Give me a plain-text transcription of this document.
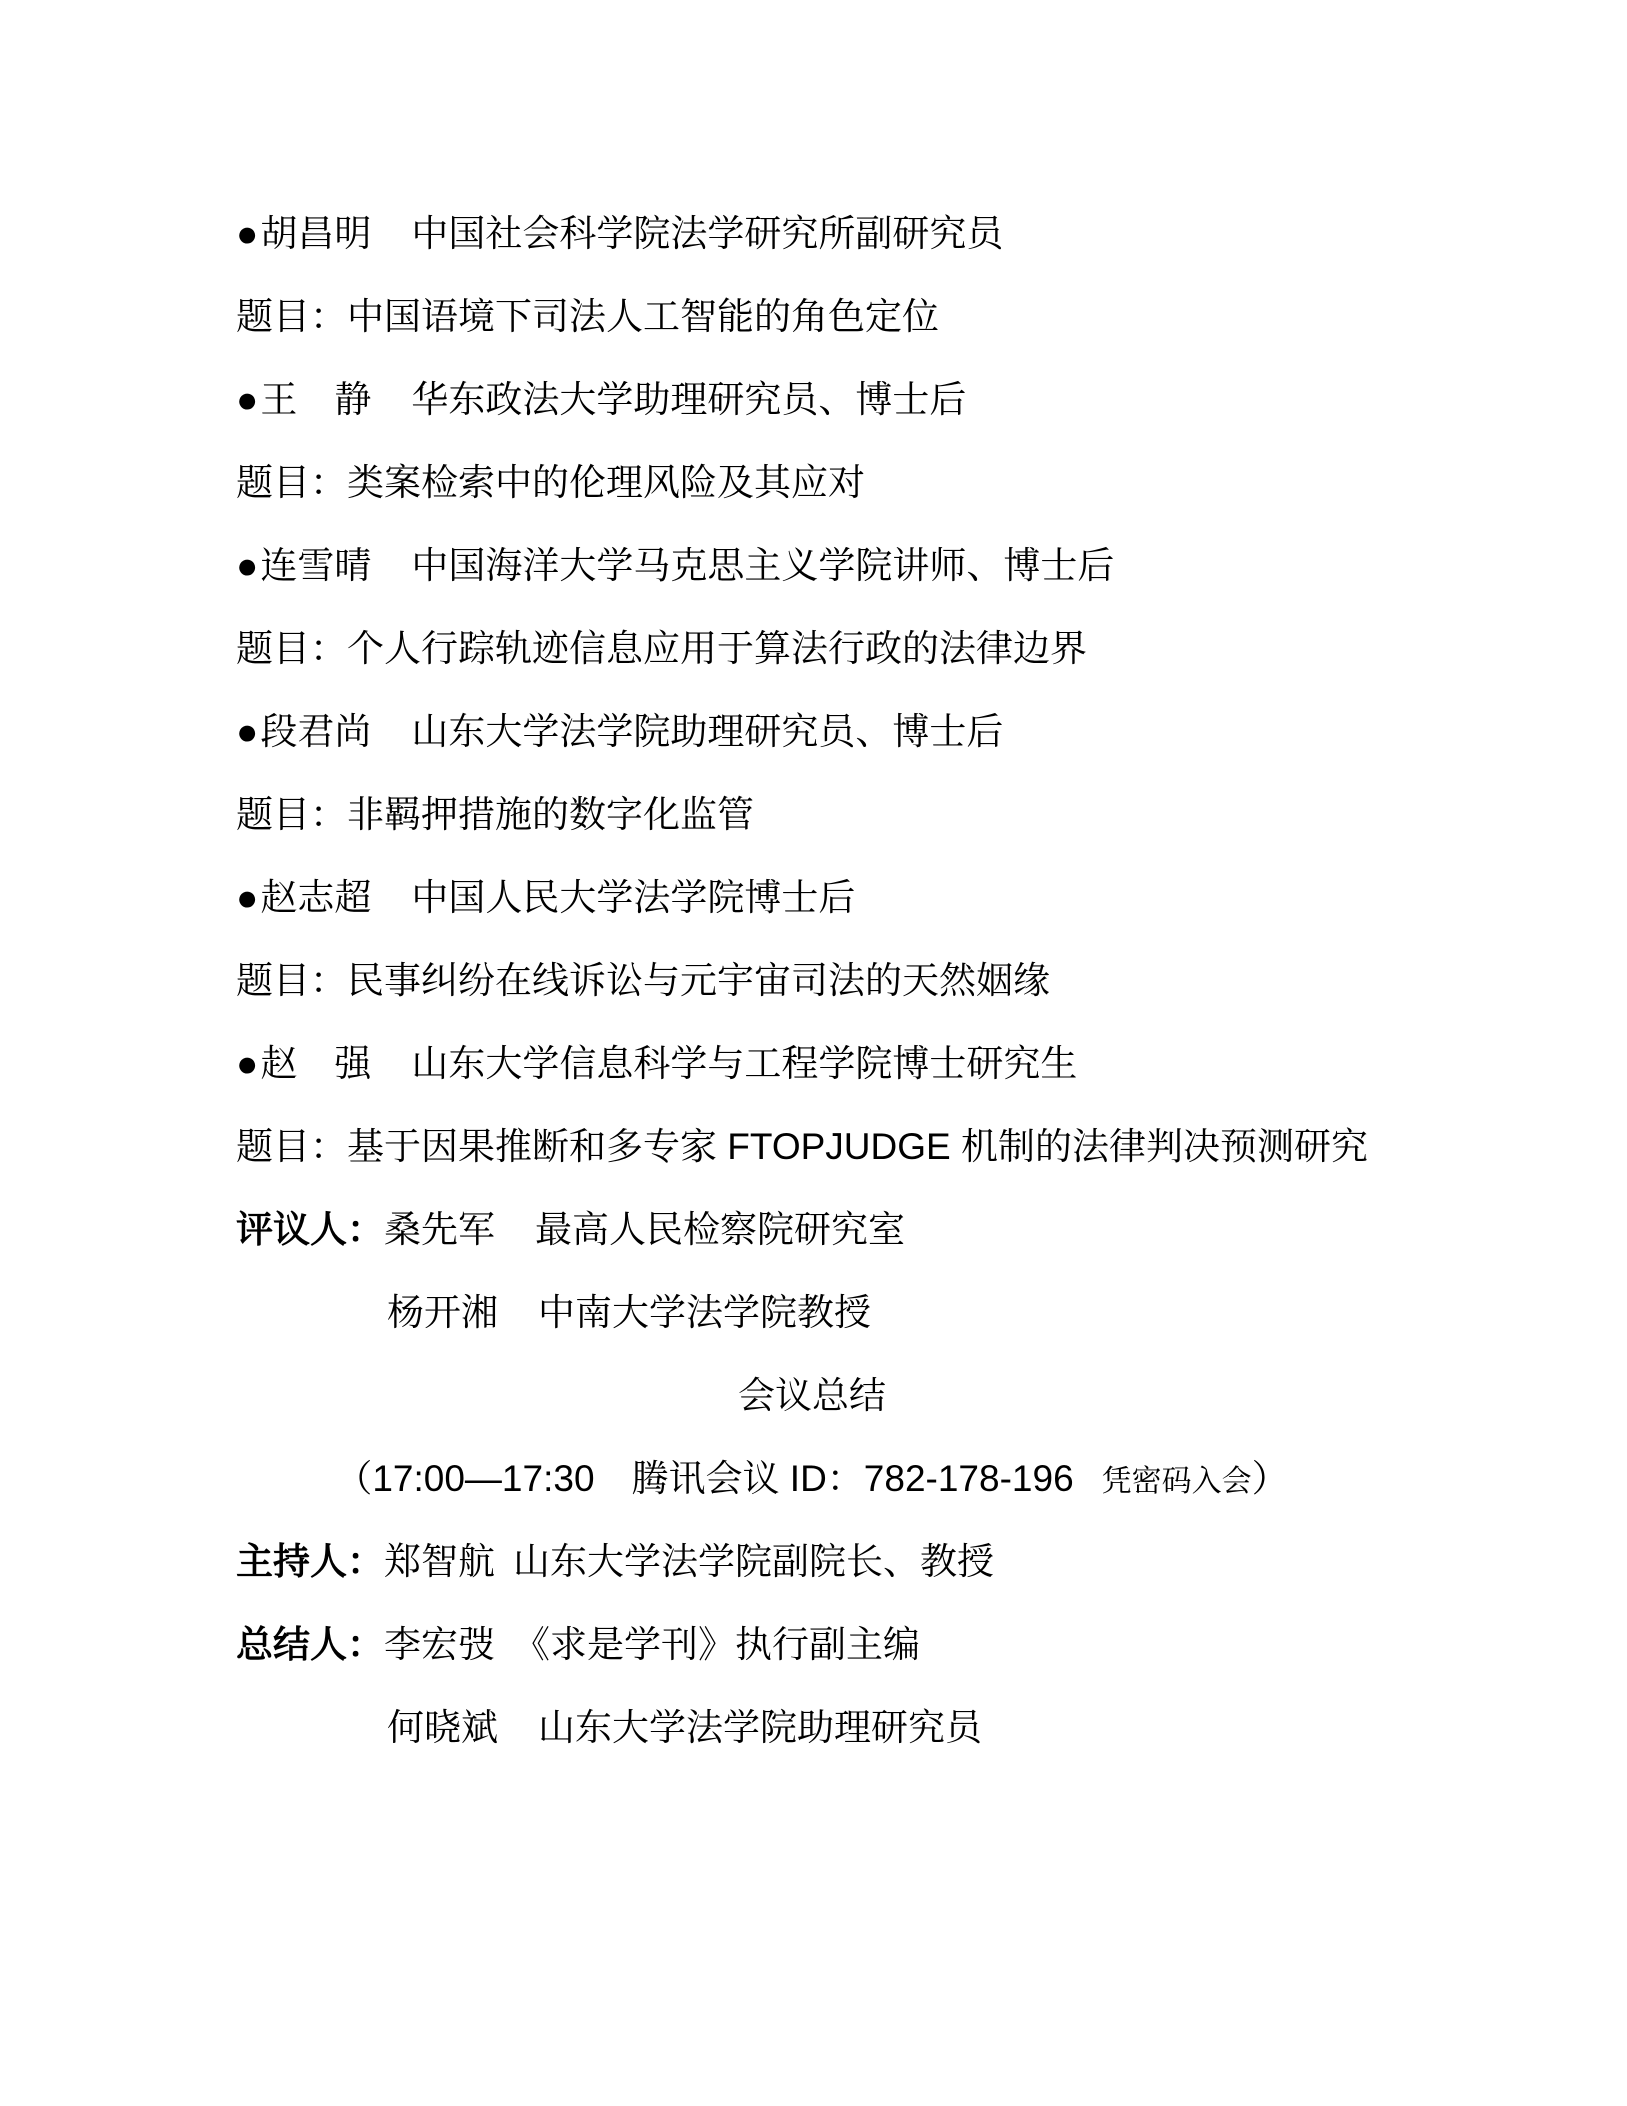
●胡昌明 中国社会科学院法学研究所副研究员
题目：中国语境下司法人工智能的角色定位
●王　静 华东政法大学助理研究员、博士后
题目：类案检索中的伦理风险及其应对
●连雪晴 中国海洋大学马克思主义学院讲师、博士后
题目：个人行踪轨迹信息应用于算法行政的法律边界
●段君尚 山东大学法学院助理研究员、博士后
题目：非羁押措施的数字化监管
●赵志超 中国人民大学法学院博士后
题目：民事纠纷在线诉讼与元宇宙司法的天然姻缘
●赵　强 山东大学信息科学与工程学院博士研究生
题目：基于因果推断和多专家 FTOPJUDGE 机制的法律判决预测研究
评议人：桑先军 最高人民检察院研究室
杨开湘 中南大学法学院教授
会议总结
（17:00—17:30　腾讯会议 ID：782-178-196 凭密码入会）
主持人：郑智航 山东大学法学院副院长、教授
总结人：李宏弢 《求是学刊》执行副主编
何晓斌 山东大学法学院助理研究员
